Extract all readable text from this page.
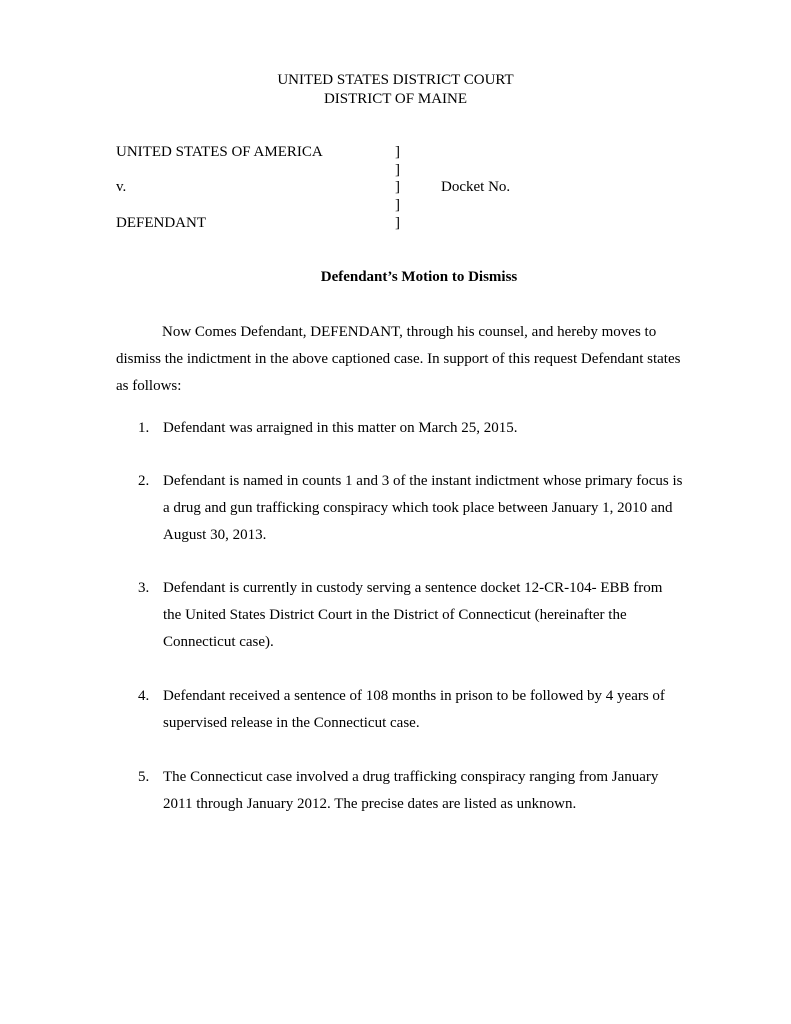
UNITED STATES DISTRICT COURT
DISTRICT OF MAINE
UNITED STATES OF AMERICA	]
]
v.	]	Docket No.
]
DEFENDANT	]
Defendant’s Motion to Dismiss
Now Comes Defendant, DEFENDANT, through his counsel, and hereby moves to dismiss the indictment in the above captioned case. In support of this request Defendant states as follows:
1. Defendant was arraigned in this matter on March 25, 2015.
2. Defendant is named in counts 1 and 3 of the instant indictment whose primary focus is a drug and gun trafficking conspiracy which took place between January 1, 2010 and August 30, 2013.
3. Defendant is currently in custody serving a sentence docket 12-CR-104- EBB from the United States District Court in the District of Connecticut (hereinafter the Connecticut case).
4. Defendant received a sentence of 108 months in prison to be followed by 4 years of supervised release in the Connecticut case.
5. The Connecticut case involved a drug trafficking conspiracy ranging from January 2011 through January 2012. The precise dates are listed as unknown.
